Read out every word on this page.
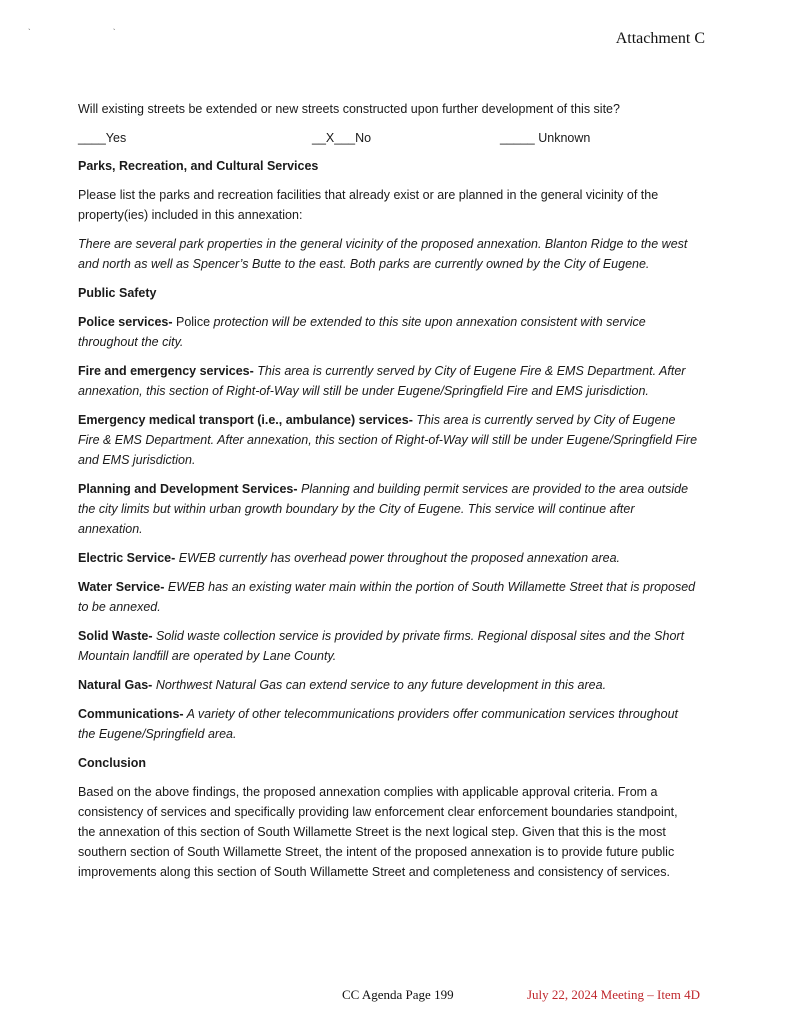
` `	Attachment C

Will existing streets be extended or new streets constructed upon further development of this site?

____Yes	__X___No	_____ Unknown

Parks, Recreation, and Cultural Services

Please list the parks and recreation facilities that already exist or are planned in the general vicinity of the property(ies) included in this annexation:

There are several park properties in the general vicinity of the proposed annexation. Blanton Ridge to the west and north as well as Spencer’s Butte to the east. Both parks are currently owned by the City of Eugene.

Public Safety

Police services- Police protection will be extended to this site upon annexation consistent with service throughout the city.

Fire and emergency services- This area is currently served by City of Eugene Fire & EMS Department. After annexation, this section of Right-of-Way will still be under Eugene/Springfield Fire and EMS jurisdiction.

Emergency medical transport (i.e., ambulance) services- This area is currently served by City of Eugene Fire & EMS Department. After annexation, this section of Right-of-Way will still be under Eugene/Springfield Fire and EMS jurisdiction.

Planning and Development Services- Planning and building permit services are provided to the area outside the city limits but within urban growth boundary by the City of Eugene. This service will continue after annexation.

Electric Service- EWEB currently has overhead power throughout the proposed annexation area.

Water Service- EWEB has an existing water main within the portion of South Willamette Street that is proposed to be annexed.

Solid Waste- Solid waste collection service is provided by private firms. Regional disposal sites and the Short Mountain landfill are operated by Lane County.

Natural Gas- Northwest Natural Gas can extend service to any future development in this area.

Communications- A variety of other telecommunications providers offer communication services throughout the Eugene/Springfield area.

Conclusion

Based on the above findings, the proposed annexation complies with applicable approval criteria. From a consistency of services and specifically providing law enforcement clear enforcement boundaries standpoint, the annexation of this section of South Willamette Street is the next logical step. Given that this is the most southern section of South Willamette Street, the intent of the proposed annexation is to provide future public improvements along this section of South Willamette Street and completeness and consistency of services.

CC Agenda Page 199	July 22, 2024 Meeting – Item 4D
